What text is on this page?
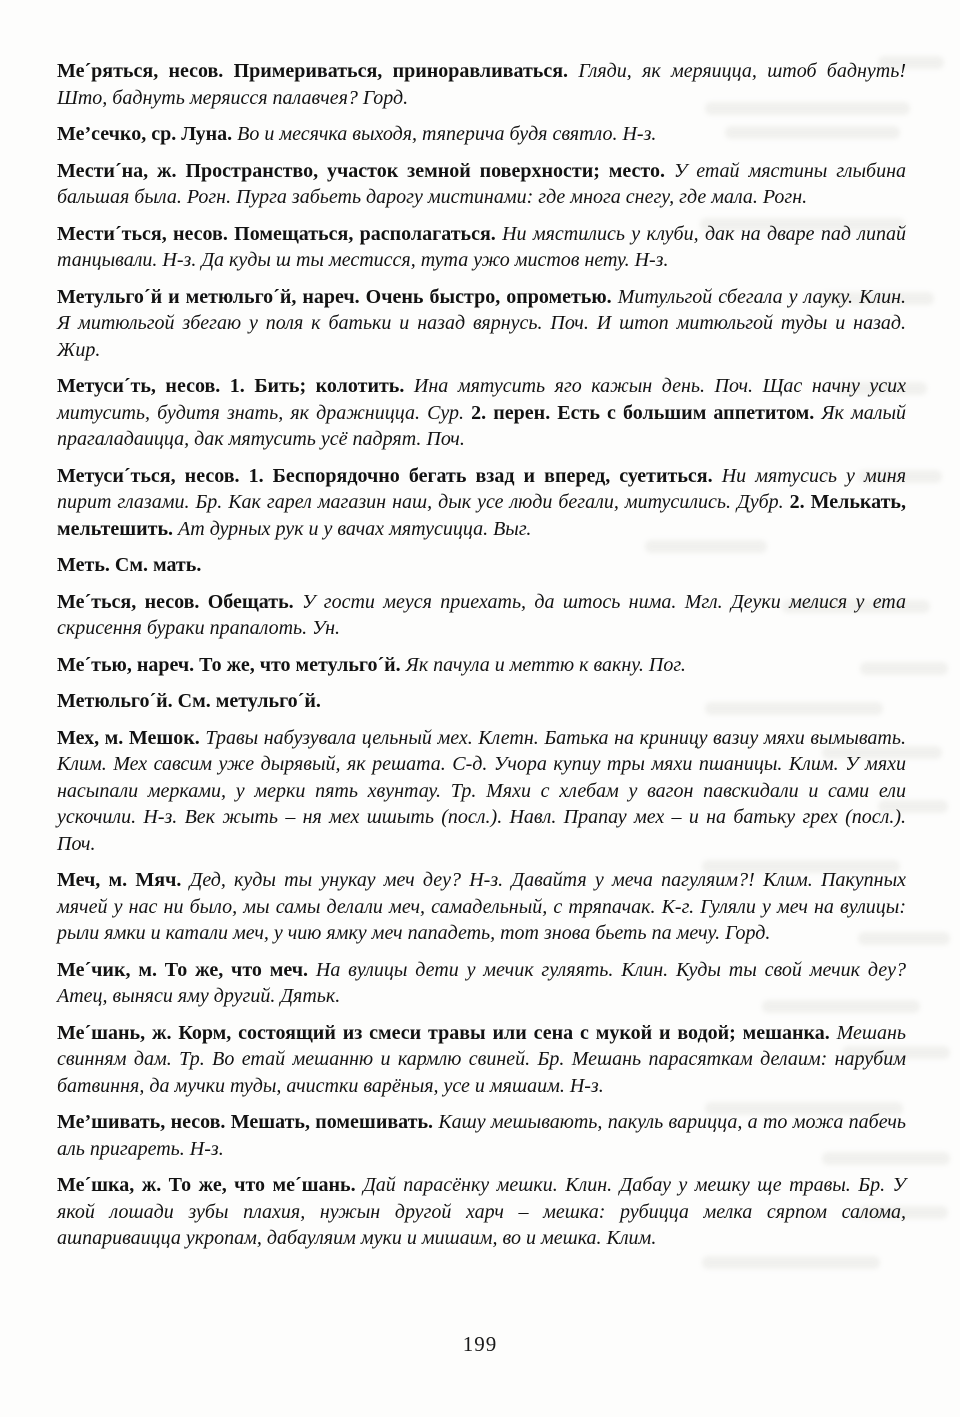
Ме´ряться, несов. Примериваться, приноравливаться. Гляди, як меряицца, штоб баднуть! Што, баднуть меряисся палавчея? Горд.

Ме’сечко, ср. Луна. Во и месячка выходя, тяперича будя святло. Н-з.

Мести´на, ж. Пространство, участок земной поверхности; место. У етай мястины глыбина бальшая была. Рогн. Пурга забьеть дарогу мистинами: где многа снегу, где мала. Рогн.

Мести´ться, несов. Помещаться, располагаться. Ни мястились у клуби, дак на дваре пад липай танцывали. Н-з. Да куды ш ты местисся, тута ужо мистов нету. Н-з.

Метульго´й и метюльго´й, нареч. Очень быстро, опрометью. Митульгой сбегала у лауку. Клин. Я митюльгой збегаю у поля к батьки и назад вярнусь. Поч. И штоп митюльгой туды и назад. Жир.

Метуси´ть, несов. 1. Бить; колотить. Ина мятусить яго кажын день. Поч. Щас начну усих митусить, будитя знать, як дражницца. Сур. 2. перен. Есть с большим аппетитом. Як малый прагаладаицца, дак мятусить усё падрят. Поч.

Метуси´ться, несов. 1. Беспорядочно бегать взад и вперед, суетиться. Ни мятусись у миня пирит глазами. Бр. Как гарел магазин наш, дык усе люди бегали, митусились. Дубр. 2. Мелькать, мельтешить. Ат дурных рук и у вачах мятусицца. Выг.

Меть. См. мать.

Ме´ться, несов. Обещать. У гости меуся приехать, да штось нима. Мгл. Деуки мелися у ета скрисення бураки прапалоть. Ун.

Ме´тью, нареч. То же, что метульго´й. Як пачула и меттю к вакну. Пог.

Метюльго´й. См. метульго´й.

Мех, м. Мешок. Травы набузувала цельный мех. Клетн. Батька на криницу вазиу мяхи вымывать. Клим. Мех савсим уже дырявый, як решата. С-д. Учора купиу тры мяхи пшаницы. Клим. У мяхи насыпали мерками, у мерки пять хвунтау. Тр. Мяхи с хлебам у вагон павскидали и сами ели ускочили. Н-з. Век жыть – ня мех шшыть (посл.). Навл. Прапау мех – и на батьку грех (посл.). Поч.

Меч, м. Мяч. Дед, куды ты унукау меч деу? Н-з. Давайтя у меча пагуляим?! Клим. Пакупных мячей у нас ни было, мы самы делали меч, самадельный, с тряпачак. К-г. Гуляли у меч на вулицы: рыли ямки и катали меч, у чию ямку меч пападеть, тот знова бьеть па мечу. Горд.

Ме´чик, м. То же, что меч. На вулицы дети у мечик гуляять. Клин. Куды ты свой мечик деу? Атец, выняси яму другий. Дятьк.

Ме´шань, ж. Корм, состоящий из смеси травы или сена с мукой и водой; мешанка. Мешань свинням дам. Тр. Во етай мешанню и кармлю свиней. Бр. Мешань парасяткам делаим: нарубим батвиння, да мучки туды, ачистки варёныя, усе и мяшаим. Н-з.

Ме’шивать, несов. Мешать, помешивать. Кашу мешывають, пакуль варицца, а то можа пабечь аль пригареть. Н-з.

Ме´шка, ж. То же, что ме´шань. Дай парасёнку мешки. Клин. Дабау у мешку ще травы. Бр. У якой лошади зубы плахия, нужын другой харч – мешка: рубицца мелка сярпом салома, ашпариваицца укропам, дабауляим муки и мишаим, во и мешка. Клим.

199
